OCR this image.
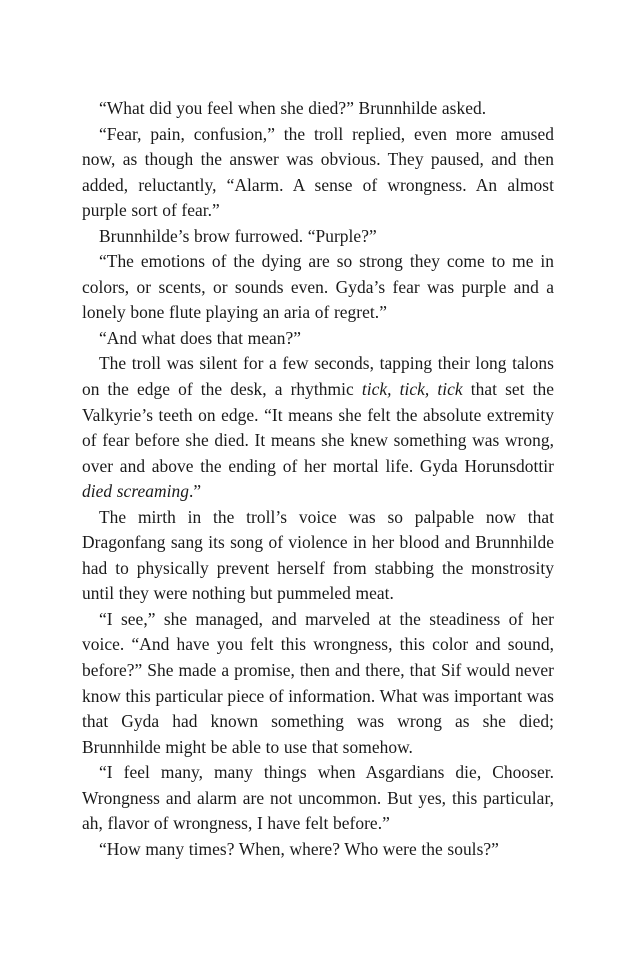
“What did you feel when she died?” Brunnhilde asked.

“Fear, pain, confusion,” the troll replied, even more amused now, as though the answer was obvious. They paused, and then added, reluctantly, “Alarm. A sense of wrongness. An almost purple sort of fear.”

Brunnhilde’s brow furrowed. “Purple?”

“The emotions of the dying are so strong they come to me in colors, or scents, or sounds even. Gyda’s fear was purple and a lonely bone flute playing an aria of regret.”

“And what does that mean?”

The troll was silent for a few seconds, tapping their long talons on the edge of the desk, a rhythmic tick, tick, tick that set the Valkyrie’s teeth on edge. “It means she felt the absolute extremity of fear before she died. It means she knew something was wrong, over and above the ending of her mortal life. Gyda Horunsdottir died screaming.”

The mirth in the troll’s voice was so palpable now that Dragonfang sang its song of violence in her blood and Brunnhilde had to physically prevent herself from stabbing the monstrosity until they were nothing but pummeled meat.

“I see,” she managed, and marveled at the steadiness of her voice. “And have you felt this wrongness, this color and sound, before?” She made a promise, then and there, that Sif would never know this particular piece of information. What was important was that Gyda had known something was wrong as she died; Brunnhilde might be able to use that somehow.

“I feel many, many things when Asgardians die, Chooser. Wrongness and alarm are not uncommon. But yes, this particular, ah, flavor of wrongness, I have felt before.”

“How many times? When, where? Who were the souls?”
